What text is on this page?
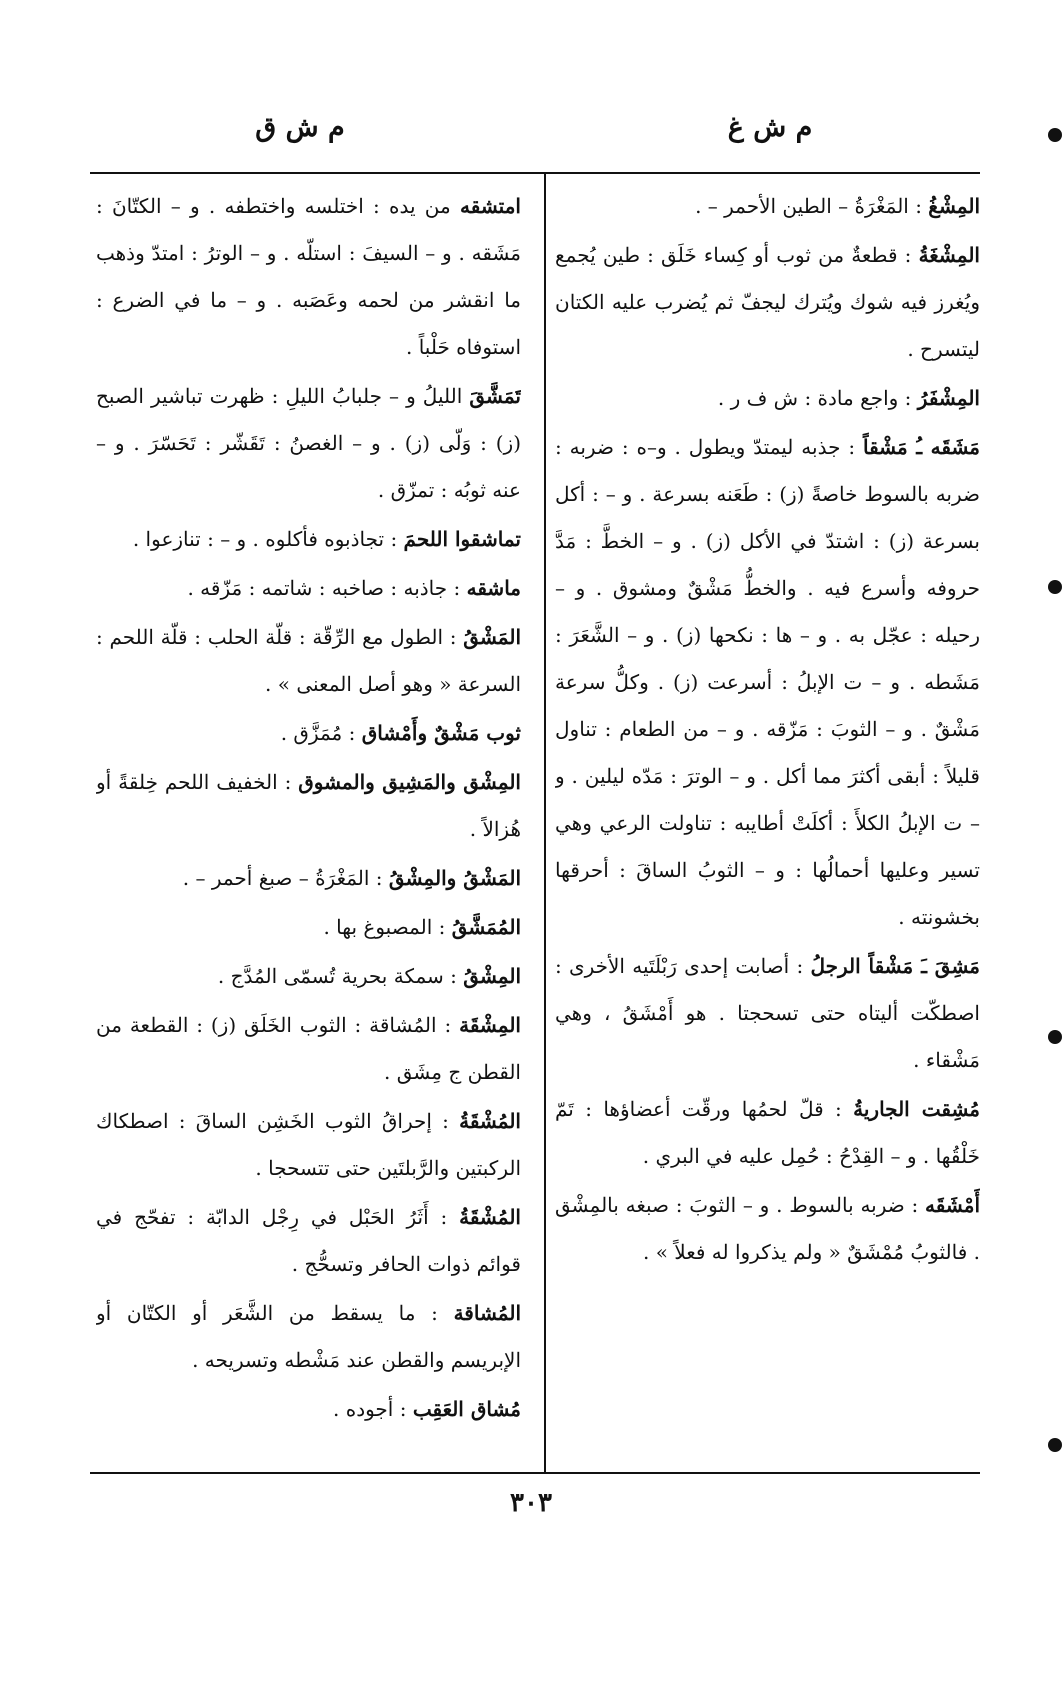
م ش غ
م ش ق
المِشْغُ : المَغْرَةُ – الطين الأحمر – .
المِشْغَةُ : قطعةٌ من ثوب أو كِساء خَلَق : طين يُجمع ويُغرز فيه شوك ويُترك ليجفّ ثم يُضرب عليه الكتان ليتسرح .
المِشْفَرُ : واجع مادة : ش ف ر .
مَشَقَه ـُ مَشْقاً : جذبه ليمتدّ ويطول . و–ه : ضربه : ضربه بالسوط خاصةً (ز) : طَعَنه بسرعة . و – : أكل بسرعة (ز) : اشتدّ في الأكل (ز) . و – الخطَّ : مَدَّ حروفه وأسرع فيه . والخطُّ مَشْقٌ ومشوق . و – رحيله : عجّل به . و – ها : نكحها (ز) . و – الشَّعَرَ : مَشَطه . و – ت الإبلُ : أسرعت (ز) . وكلُّ سرعة مَشْقٌ . و – الثوبَ : مَزّقه . و – من الطعام : تناول قليلاً : أبقى أكثرَ مما أكل . و – الوترَ : مَدّه ليلين . و – ت الإبلُ الكلأَ : أكلَتْ أطايبه : تناولت الرعي وهي تسير وعليها أحمالُها : و – الثوبُ الساقَ : أحرقها بخشونته .
مَشِقَ ـَ مَشْقاً الرجلُ : أصابت إحدى رَبْلَتَيه الأخرى : اصطكّت أليتاه حتى تسحجتا . هو أَمْشَقُ ، وهي مَشْقاء .
مُشِقت الجاريةُ : قلّ لحمُها ورقّت أعضاؤها : تَمّ خَلْقُها . و – القِدْحُ : حُمِل عليه في البري .
أَمْشَقَه : ضربه بالسوط . و – الثوبَ : صبغه بالمِشْق . فالثوبُ مُمْشَقٌ « ولم يذكروا له فعلاً » .
امتشقه من يده : اختلسه واختطفه . و – الكتّانَ : مَشَقه . و – السيفَ : استلّه . و – الوترُ : امتدّ وذهب ما انقشر من لحمه وعَصَبه . و – ما في الضرع : استوفاه حَلْباً .
تَمَشَّقَ الليلُ و – جلبابُ الليلِ : ظهرت تباشير الصبح (ز) : وَلّى (ز) . و – الغصنُ : تَقَشّر : تَحَسّرَ . و – عنه ثوبُه : تمزّق .
تماشقوا اللحمَ : تجاذبوه فأكلوه . و – : تنازعوا .
ماشقه : جاذبه : صاخبه : شاتمه : مَزّقه .
المَشْقُ : الطول مع الرِّقّة : قلّة الحلب : قلّة اللحم : السرعة « وهو أصل المعنى » .
ثوب مَشْقٌ وأَمْشاق : مُمَزَّق .
المِشْق والمَشِيق والمشوق : الخفيف اللحم خِلقةً أو هُزالاً .
المَشْقُ والمِشْقُ : المَغْرَةُ – صبغ أحمر – .
المُمَشَّقُ : المصبوغ بها .
المِشْقُ : سمكة بحرية تُسمّى المُدَّج .
المِشْقَة : المُشاقة : الثوب الخَلَق (ز) : القطعة من القطن ج مِشَق .
المُشْقَةُ : إحراقُ الثوب الخَشِن الساقَ : اصطكاك الركبتين والرَّبلتَين حتى تتسحجا .
المُشْقَةُ : أَثَرُ الحَبْل في رِجْل الدابّة : تفحّج في قوائم ذوات الحافر وتسحُّج .
المُشاقة : ما يسقط من الشَّعَر أو الكتّان أو الإبريسم والقطن عند مَشْطه وتسريحه .
مُشاق العَقِب : أجوده .
٣٠٣
